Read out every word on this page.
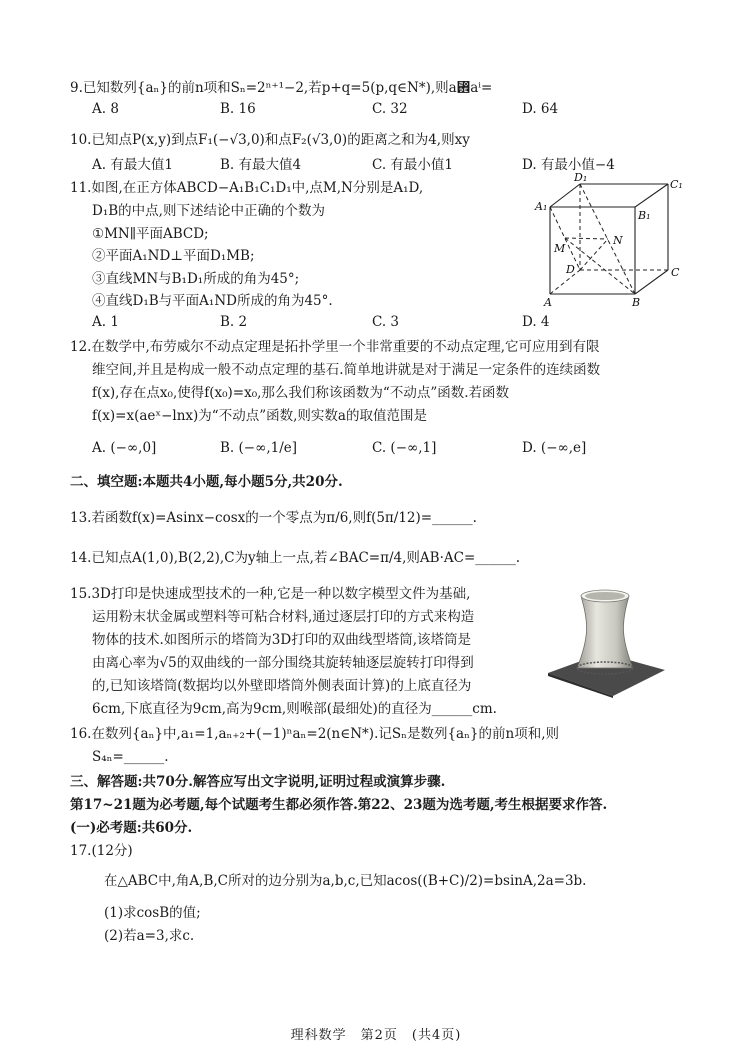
9.已知数列{aₙ}的前n项和Sₙ=2ⁿ⁺¹−2,若p+q=5(p,q∈N*),则a₞aⁱ=
A. 8	B. 16	C. 32	D. 64
10.已知点P(x,y)到点F₁(−√3,0)和点F₂(√3,0)的距离之和为4,则xy
A. 有最大值1	B. 有最大值4	C. 有最小值1	D. 有最小值−4
11.如图,在正方体ABCD−A₁B₁C₁D₁中,点M,N分别是A₁D,
D₁B的中点,则下述结论中正确的个数为
①MN∥平面ABCD;
②平面A₁ND⊥平面D₁MB;
③直线MN与B₁D₁所成的角为45°;
④直线D₁B与平面A₁ND所成的角为45°.
A. 1	B. 2	C. 3	D. 4
D₁
C₁
A₁
B₁
M
N
D	C
A	B
12.在数学中,布劳威尔不动点定理是拓扑学里一个非常重要的不动点定理,它可应用到有限
维空间,并且是构成一般不动点定理的基石.简单地讲就是对于满足一定条件的连续函数
f(x),存在点x₀,使得f(x₀)=x₀,那么我们称该函数为“不动点”函数.若函数
f(x)=x(aeˣ−lnx)为“不动点”函数,则实数a的取值范围是
A. (−∞,0]	B. (−∞,1/e]	C. (−∞,1]	D. (−∞,e]
二、填空题:本题共4小题,每小题5分,共20分.
13.若函数f(x)=Asinx−cosx的一个零点为π/6,则f(5π/12)=______.
14.已知点A(1,0),B(2,2),C为y轴上一点,若∠BAC=π/4,则AB·AC=______.
15.3D打印是快速成型技术的一种,它是一种以数字模型文件为基础,
运用粉末状金属或塑料等可粘合材料,通过逐层打印的方式来构造
物体的技术.如图所示的塔筒为3D打印的双曲线型塔筒,该塔筒是
由离心率为√5的双曲线的一部分围绕其旋转轴逐层旋转打印得到
的,已知该塔筒(数据均以外壁即塔筒外侧表面计算)的上底直径为
6cm,下底直径为9cm,高为9cm,则喉部(最细处)的直径为______cm.
16.在数列{aₙ}中,a₁=1,aₙ₊₂+(−1)ⁿaₙ=2(n∈N*).记Sₙ是数列{aₙ}的前n项和,则
S₄ₙ=______.
三、解答题:共70分.解答应写出文字说明,证明过程或演算步骤.
第17~21题为必考题,每个试题考生都必须作答.第22、23题为选考题,考生根据要求作答.
(一)必考题:共60分.
17.(12分)
在△ABC中,角A,B,C所对的边分别为a,b,c,已知acos((B+C)/2)=bsinA,2a=3b.
(1)求cosB的值;
(2)若a=3,求c.
理科数学　第2页　(共4页)
